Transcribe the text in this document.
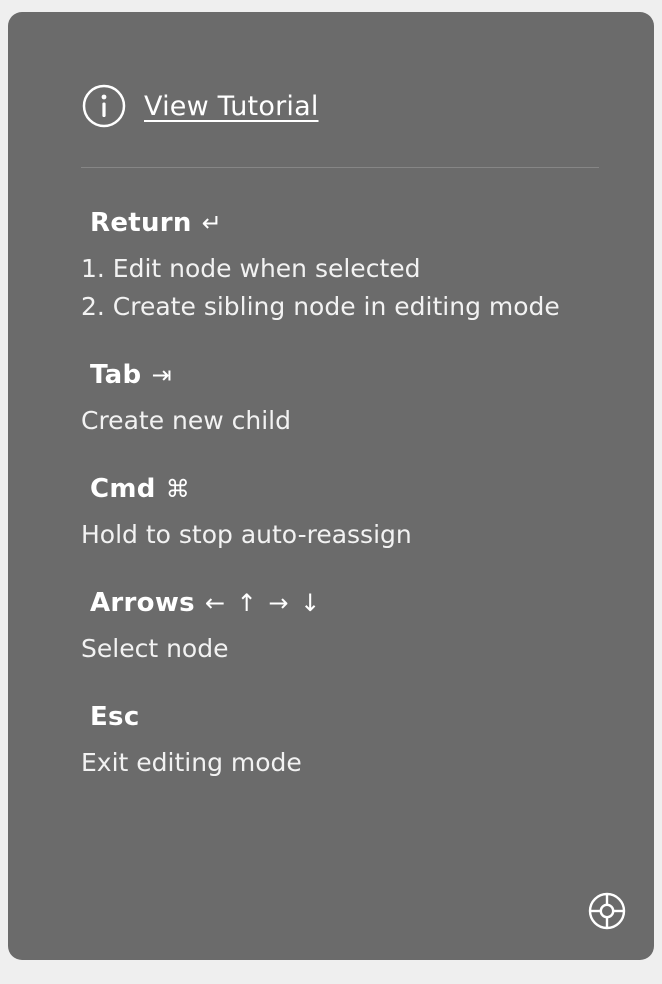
View Tutorial
Return ↵
1. Edit node when selected
2. Create sibling node in editing mode
Tab ⇥
Create new child
Cmd ⌘
Hold to stop auto-reassign
Arrows ← ↑ → ↓
Select node
Esc
Exit editing mode
